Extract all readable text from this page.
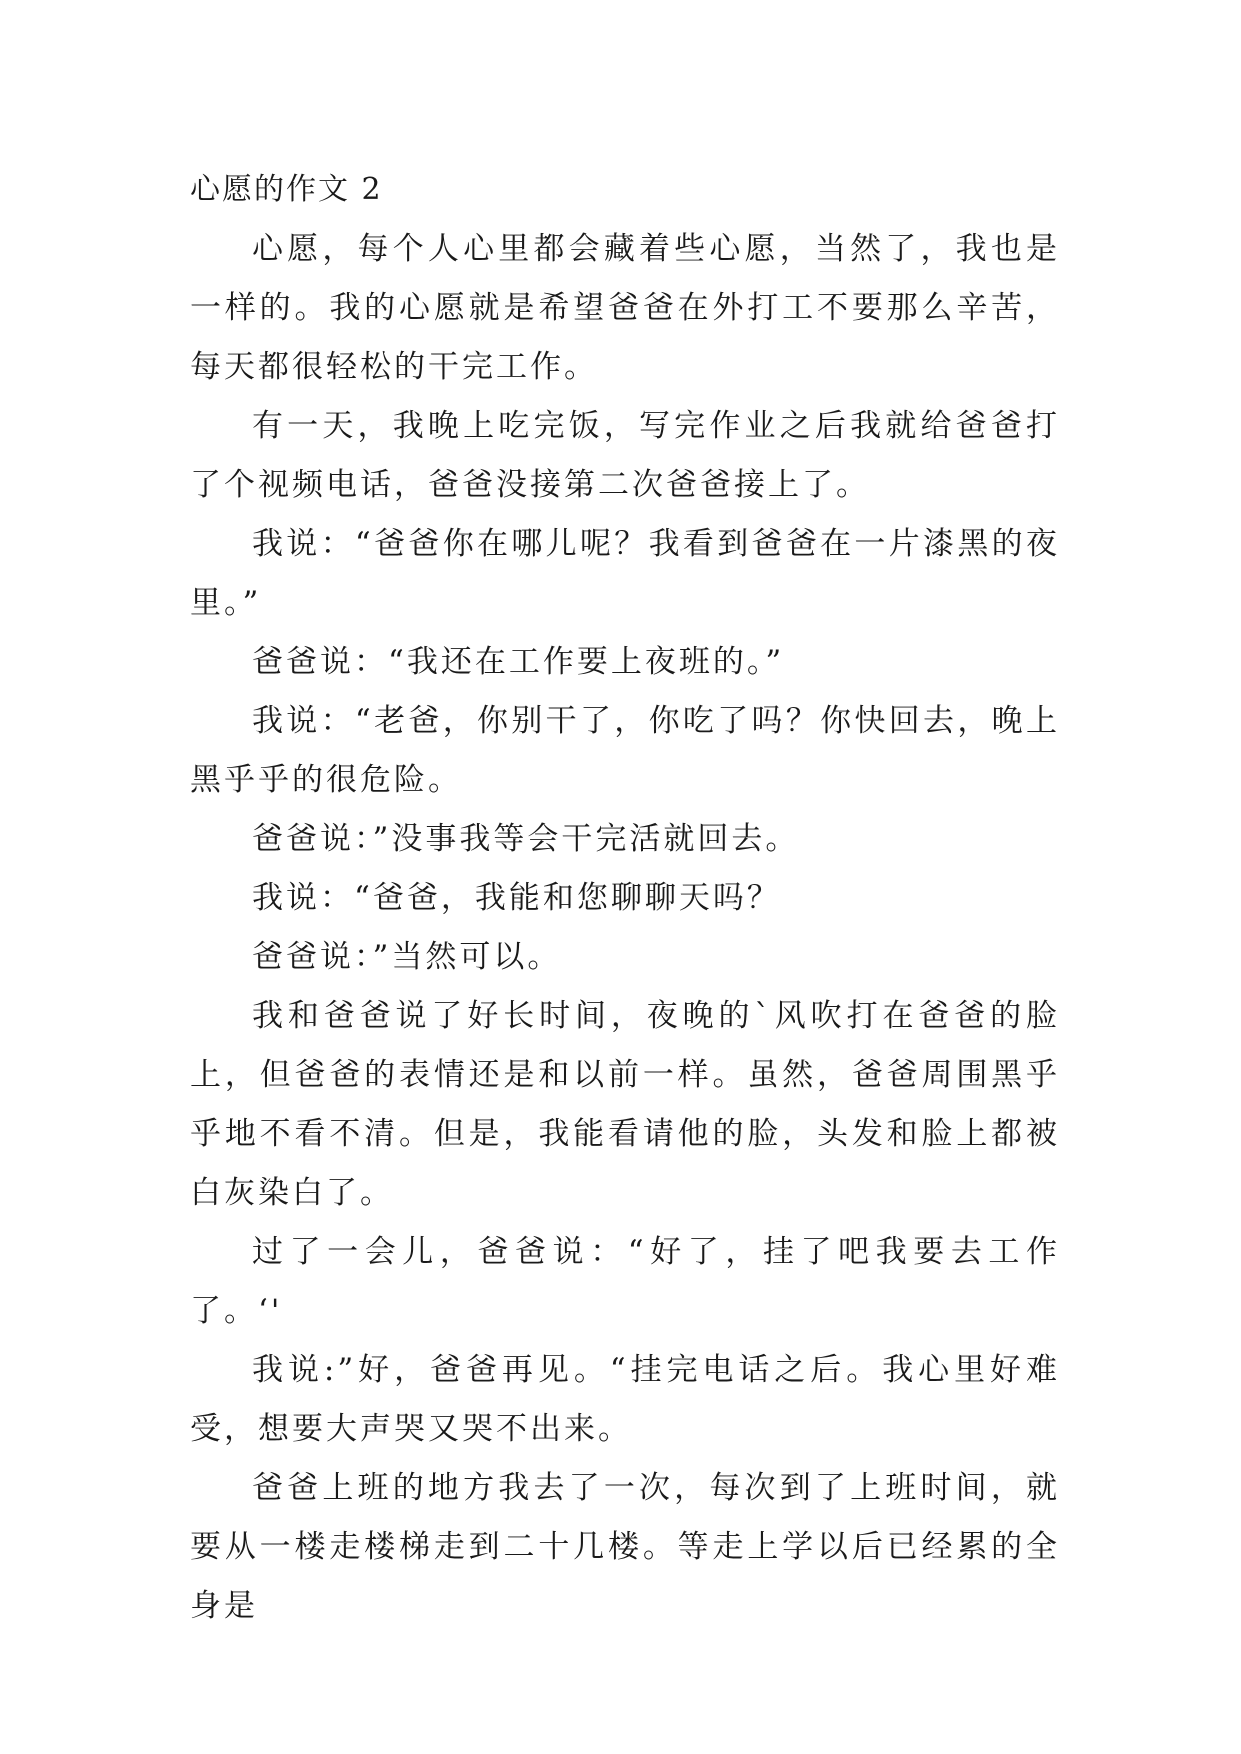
心愿的作文 2

心愿，每个人心里都会藏着些心愿，当然了，我也是一样的。我的心愿就是希望爸爸在外打工不要那么辛苦，每天都很轻松的干完工作。

有一天，我晚上吃完饭，写完作业之后我就给爸爸打了个视频电话，爸爸没接第二次爸爸接上了。

我说：“爸爸你在哪儿呢？我看到爸爸在一片漆黑的夜里。”

爸爸说：“我还在工作要上夜班的。”

我说：“老爸，你别干了，你吃了吗？你快回去，晚上黑乎乎的很危险。

爸爸说：”没事我等会干完活就回去。

我说：“爸爸，我能和您聊聊天吗？

爸爸说：”当然可以。

我和爸爸说了好长时间，夜晚的`风吹打在爸爸的脸上，但爸爸的表情还是和以前一样。虽然，爸爸周围黑乎乎地不看不清。但是，我能看请他的脸，头发和脸上都被白灰染白了。

过了一会儿，爸爸说：“好了，挂了吧我要去工作了。‘'

我说:”好，爸爸再见。“挂完电话之后。我心里好难受，想要大声哭又哭不出来。

爸爸上班的地方我去了一次，每次到了上班时间，就要从一楼走楼梯走到二十几楼。等走上学以后已经累的全身是
